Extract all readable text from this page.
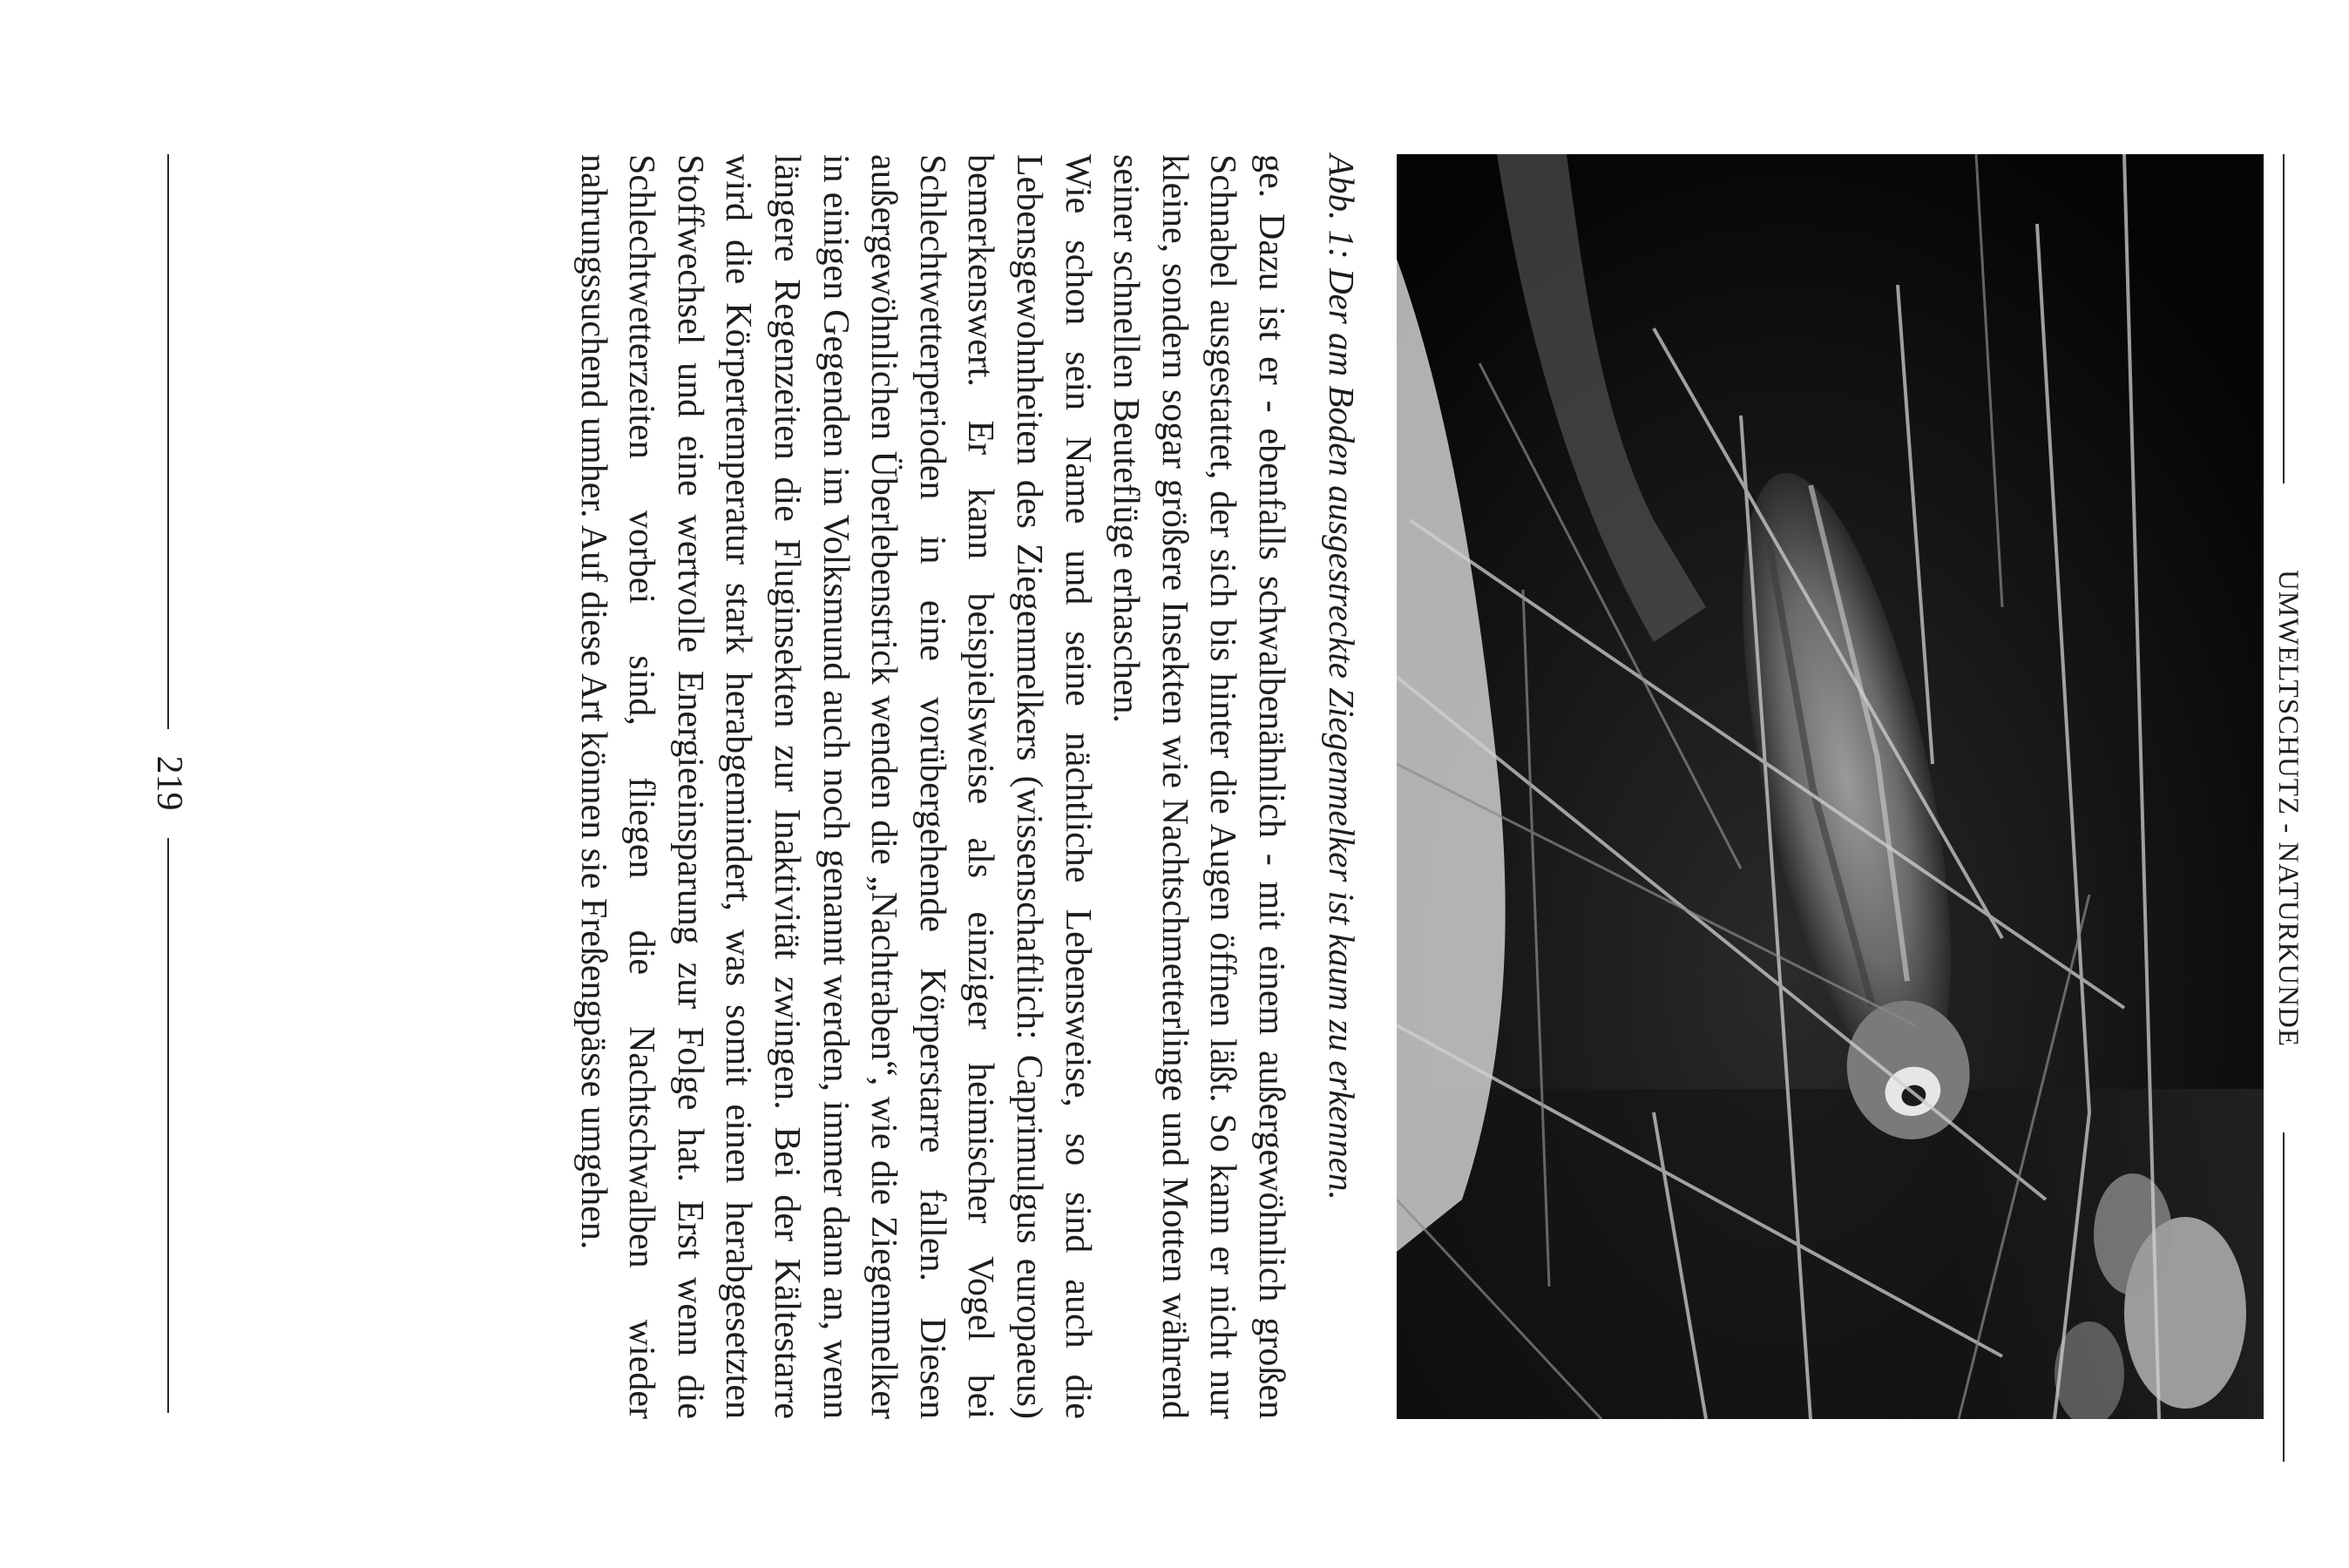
UMWELTSCHUTZ - NATURKUNDE
Abb. 1: Der am Boden ausgestreckte Ziegenmelker ist kaum zu erkennen.

ge. Dazu ist er - ebenfalls schwalbenähnlich - mit einem außergewöhnlich großen Schnabel ausgestattet, der sich bis hinter die Augen öffnen läßt. So kann er nicht nur kleine, sondern sogar größere Insekten wie Nachtschmetterlinge und Motten während seiner schnellen Beuteflüge erhaschen.

Wie schon sein Name und seine nächtliche Lebensweise, so sind auch die Lebensgewohnheiten des Ziegenmelkers (wissenschaftlich: Caprimulgus europaeus) bemerkenswert. Er kann beispielsweise als einziger heimischer Vogel bei Schlechtwetterperioden in eine vorübergehende Körperstarre fallen. Diesen außergewöhnlichen Überlebenstrick wenden die „Nachtraben“, wie die Ziegenmelker in einigen Gegenden im Volksmund auch noch genannt werden, immer dann an, wenn längere Regenzeiten die Fluginsekten zur Inaktivität zwingen. Bei der Kältestarre wird die Körpertemperatur stark herabgemindert, was somit einen herabgesetzten Stoffwechsel und eine wertvolle Energieeinsparung zur Folge hat. Erst wenn die Schlechtwetterzeiten vorbei sind, fliegen die Nachtschwalben wieder nahrungssuchend umher. Auf diese Art können sie Freßengpässe umgehen.

219
